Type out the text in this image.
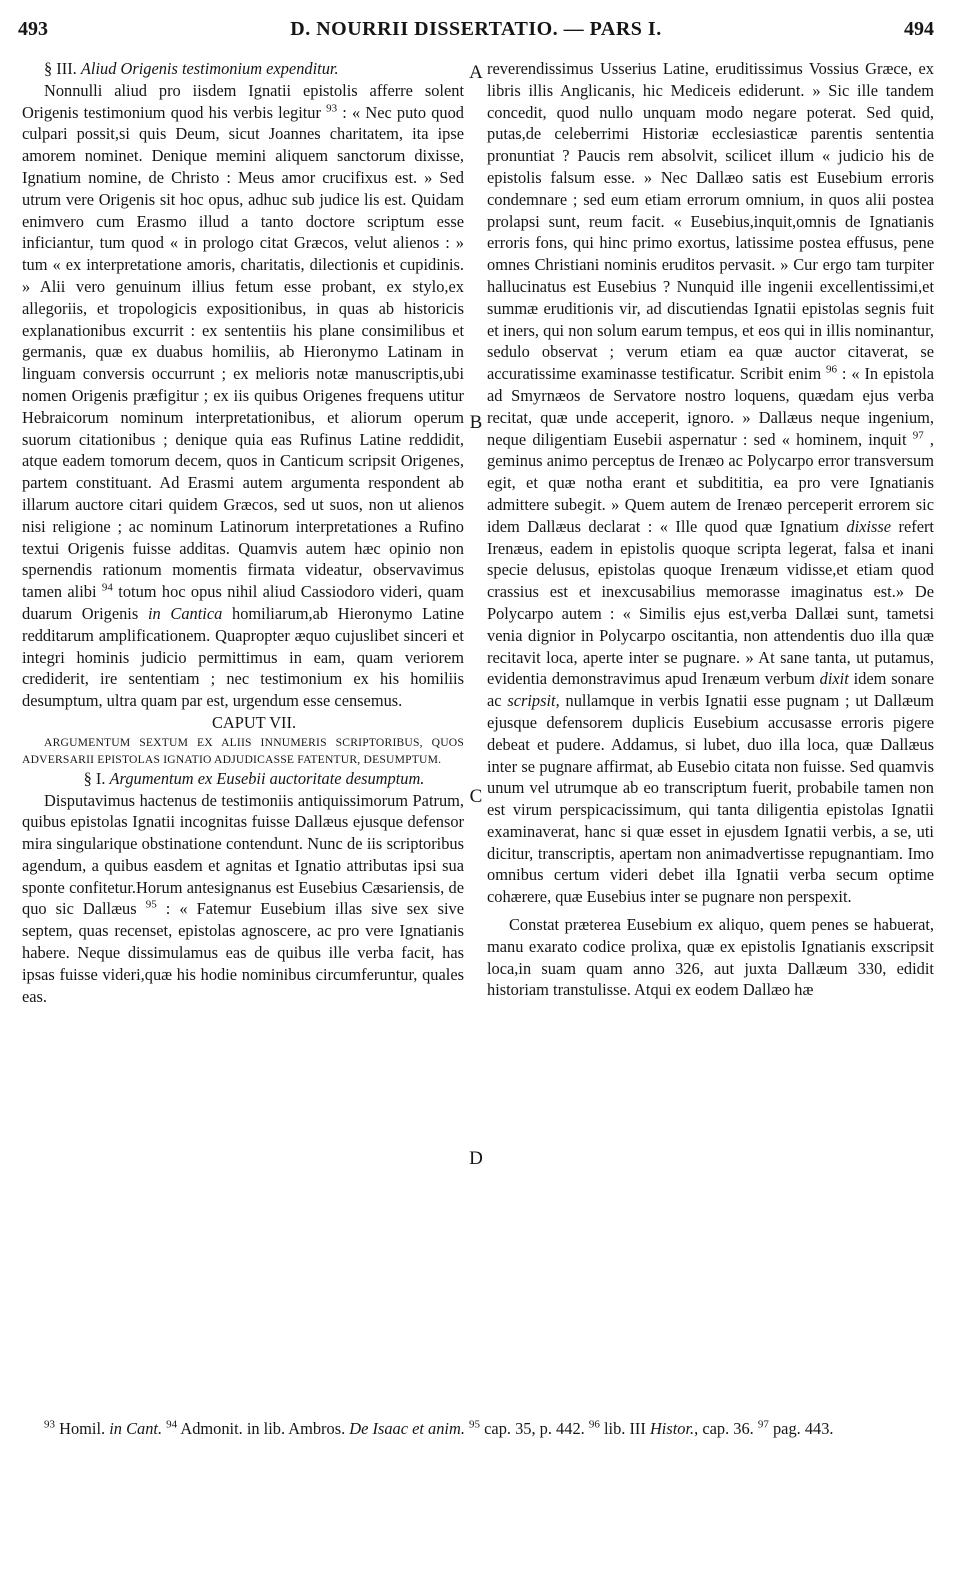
493	D. NOURRII DISSERTATIO. — PARS I.	494
A
B
C
D

§ III. Aliud Origenis testimonium expenditur.

Nonnulli aliud pro iisdem Ignatii epistolis afferre solent Origenis testimonium quod his verbis legitur $^{93}$ : « Nec puto quod culpari possit,si quis Deum, sicut Joannes charitatem, ita ipse amorem nominet. Denique memini aliquem sanctorum dixisse, Ignatium nomine, de Christo : Meus amor crucifixus est. » Sed utrum vere Origenis sit hoc opus, adhuc sub judice lis est. Quidam enimvero cum Erasmo illud a tanto doctore scriptum esse inficiantur, tum quod « in prologo citat Græcos, velut alienos : » tum « ex interpretatione amoris, charitatis, dilectionis et cupidinis. » Alii vero genuinum illius fetum esse probant, ex stylo,ex allegoriis, et tropologicis expositionibus, in quas ab historicis explanationibus excurrit : ex sententiis his plane consimilibus et germanis, quæ ex duabus homiliis, ab Hieronymo Latinam in linguam conversis occurrunt ; ex melioris notæ manuscriptis,ubi nomen Origenis præfigitur ; ex iis quibus Origenes frequens utitur Hebraicorum nominum interpretationibus, et aliorum operum suorum citationibus ; denique quia eas Rufinus Latine reddidit, atque eadem tomorum decem, quos in Canticum scripsit Origenes, partem constituant. Ad Erasmi autem argumenta respondent ab illarum auctore citari quidem Græcos, sed ut suos, non ut alienos nisi religione ; ac nominum Latinorum interpretationes a Rufino textui Origenis fuisse additas. Quamvis autem hæc opinio non spernendis rationum momentis firmata videatur, observavimus tamen alibi $^{94}$ totum hoc opus nihil aliud Cassiodoro videri, quam duarum Origenis in Cantica homiliarum,ab Hieronymo Latine redditarum amplificationem. Quapropter æquo cujuslibet sinceri et integri hominis judicio permittimus in eam, quam veriorem crediderit, ire sententiam ; nec testimonium ex his homiliis desumptum, ultra quam par est, urgendum esse censemus.

CAPUT VII.

ARGUMENTUM SEXTUM EX ALIIS INNUMERIS SCRIPTORIBUS, QUOS ADVERSARII EPISTOLAS IGNATIO ADJUDICASSE FATENTUR, DESUMPTUM.

§ I. Argumentum ex Eusebii auctoritate desumptum.

Disputavimus hactenus de testimoniis antiquissimorum Patrum, quibus epistolas Ignatii incognitas fuisse Dallæus ejusque defensor mira singularique obstinatione contendunt. Nunc de iis scriptoribus agendum, a quibus easdem et agnitas et Ignatio attributas ipsi sua sponte confitetur.Horum antesignanus est Eusebius Cæsariensis, de quo sic Dallæus $^{95}$ : « Fatemur Eusebium illas sive sex sive septem, quas recenset, epistolas agnoscere, ac pro vere Ignatianis habere. Neque dissimulamus eas de quibus ille verba facit, has ipsas fuisse videri,quæ his hodie nominibus circumferuntur, quales eas.

reverendissimus Usserius Latine, eruditissimus Vossius Græce, ex libris illis Anglicanis, hic Mediceis ediderunt. » Sic ille tandem concedit, quod nullo unquam modo negare poterat. Sed quid, putas,de celeberrimi Historiæ ecclesiasticæ parentis sententia pronuntiat ? Paucis rem absolvit, scilicet illum « judicio his de epistolis falsum esse. » Nec Dallæo satis est Eusebium erroris condemnare ; sed eum etiam errorum omnium, in quos alii postea prolapsi sunt, reum facit. « Eusebius,inquit,omnis de Ignatianis erroris fons, qui hinc primo exortus, latissime postea effusus, pene omnes Christiani nominis eruditos pervasit. » Cur ergo tam turpiter hallucinatus est Eusebius ? Nunquid ille ingenii excellentissimi,et summæ eruditionis vir, ad discutiendas Ignatii epistolas segnis fuit et iners, qui non solum earum tempus, et eos qui in illis nominantur, sedulo observat ; verum etiam ea quæ auctor citaverat, se accuratissime examinasse testificatur. Scribit enim $^{96}$ : « In epistola ad Smyrnæos de Servatore nostro loquens, quædam ejus verba recitat, quæ unde acceperit, ignoro. » Dallæus neque ingenium, neque diligentiam Eusebii aspernatur : sed « hominem, inquit $^{97}$ , geminus animo perceptus de Irenæo ac Polycarpo error transversum egit, et quæ notha erant et subdititia, ea pro vere Ignatianis admittere subegit. » Quem autem de Irenæo perceperit errorem sic idem Dallæus declarat : « Ille quod quæ Ignatium dixisse refert Irenæus, eadem in epistolis quoque scripta legerat, falsa et inani specie delusus, epistolas quoque Irenæum vidisse,et etiam quod crassius est et inexcusabilius memorasse imaginatus est.» De Polycarpo autem : « Similis ejus est,verba Dallæi sunt, tametsi venia dignior in Polycarpo oscitantia, non attendentis duo illa quæ recitavit loca, aperte inter se pugnare. » At sane tanta, ut putamus, evidentia demonstravimus apud Irenæum verbum dixit idem sonare ac scripsit, nullamque in verbis Ignatii esse pugnam ; ut Dallæum ejusque defensorem duplicis Eusebium accusasse erroris pigere debeat et pudere. Addamus, si lubet, duo illa loca, quæ Dallæus inter se pugnare affirmat, ab Eusebio citata non fuisse. Sed quamvis unum vel utrumque ab eo transcriptum fuerit, probabile tamen non est virum perspicacissimum, qui tanta diligentia epistolas Ignatii examinaverat, hanc si quæ esset in ejusdem Ignatii verbis, a se, uti dicitur, transcriptis, apertam non animadvertisse repugnantiam. Imo omnibus certum videri debet illa Ignatii verba secum optime cohærere, quæ Eusebius inter se pugnare non perspexit.

Constat præterea Eusebium ex aliquo, quem penes se habuerat, manu exarato codice prolixa, quæ ex epistolis Ignatianis exscripsit loca,in suam quam anno 326, aut juxta Dallæum 330, edidit historiam transtulisse. Atqui ex eodem Dallæo hæ

$^{93}$ Homil. in Cant. $^{94}$ Admonit. in lib. Ambros. De Isaac et anim. $^{95}$ cap. 35, p. 442. $^{96}$ lib. III Histor., cap. 36. $^{97}$ pag. 443.
